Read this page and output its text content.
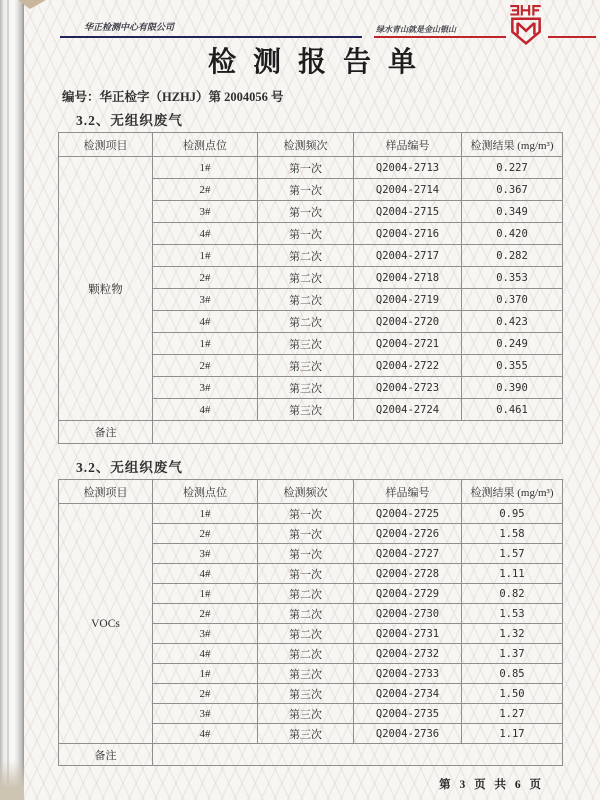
华正检测中心有限公司	绿水青山就是金山银山
检测报告单
编号：华正检字（HZHJ）第 2004056 号
3.2、无组织废气
检测项目	检测点位	检测频次	样品编号	检测结果 (mg/m³)
颗粒物	1#	第一次	Q2004-2713	0.227
	2#	第一次	Q2004-2714	0.367
	3#	第一次	Q2004-2715	0.349
	4#	第一次	Q2004-2716	0.420
	1#	第二次	Q2004-2717	0.282
	2#	第二次	Q2004-2718	0.353
	3#	第二次	Q2004-2719	0.370
	4#	第二次	Q2004-2720	0.423
	1#	第三次	Q2004-2721	0.249
	2#	第三次	Q2004-2722	0.355
	3#	第三次	Q2004-2723	0.390
	4#	第三次	Q2004-2724	0.461
备注				
3.2、无组织废气
检测项目	检测点位	检测频次	样品编号	检测结果 (mg/m³)
VOCs	1#	第一次	Q2004-2725	0.95
	2#	第一次	Q2004-2726	1.58
	3#	第一次	Q2004-2727	1.57
	4#	第一次	Q2004-2728	1.11
	1#	第二次	Q2004-2729	0.82
	2#	第二次	Q2004-2730	1.53
	3#	第二次	Q2004-2731	1.32
	4#	第二次	Q2004-2732	1.37
	1#	第三次	Q2004-2733	0.85
	2#	第三次	Q2004-2734	1.50
	3#	第三次	Q2004-2735	1.27
	4#	第三次	Q2004-2736	1.17
备注				
第 3 页 共 6 页
